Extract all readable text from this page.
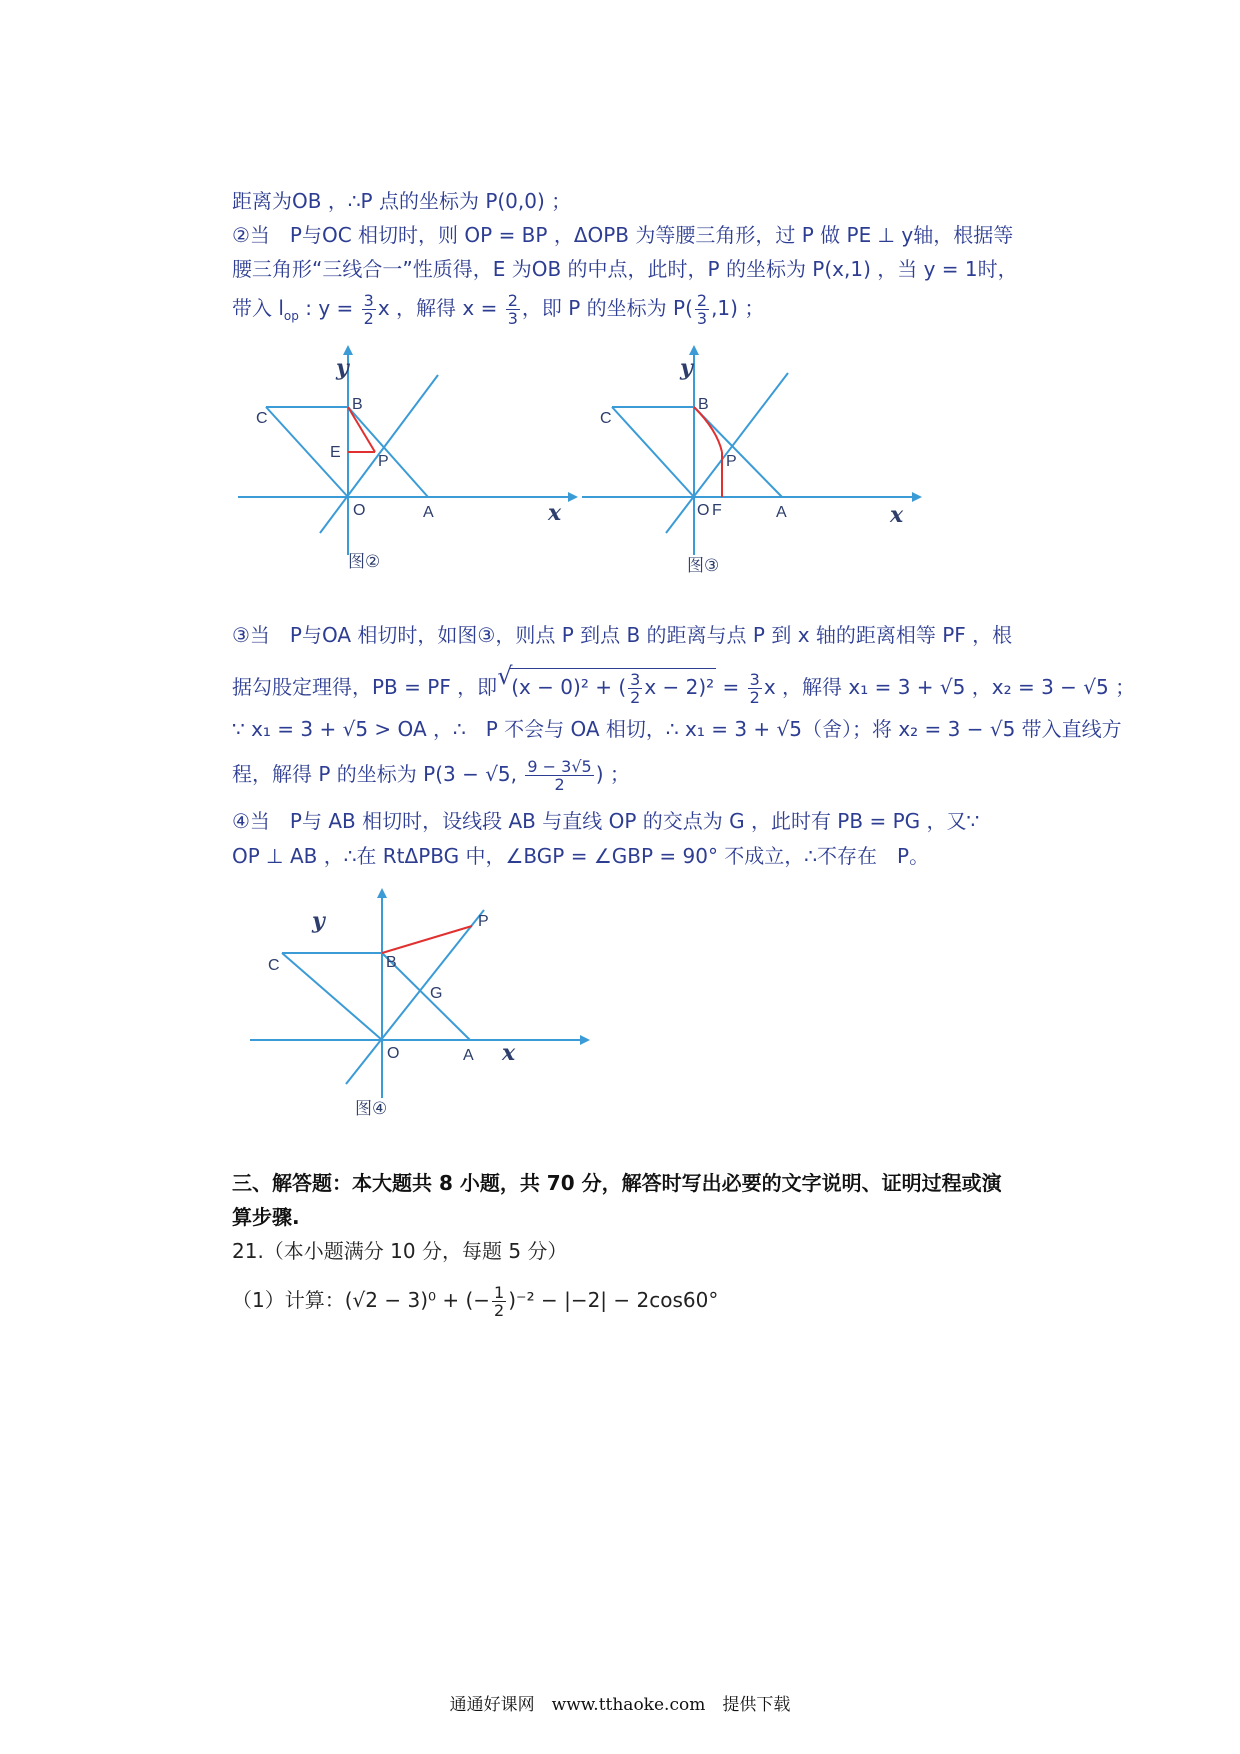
距离为OB ，∴P 点的坐标为 P(0,0) ；
②当　P与OC 相切时，则 OP = BP ，ΔOPB 为等腰三角形，过 P 做 PE ⊥ y轴，根据等
腰三角形“三线合一”性质得，E 为OB 的中点，此时，P 的坐标为 P(x,1) ，当 y = 1时，
带入 $l_{op}$ : $y = \frac{3}{2}$ x ，解得 $x = \frac{2}{3}$ ，即 P 的坐标为 $P( \frac{2}{3} ,1)$ ；
y
x
C
B
E
P
O	A
图②
y
x
C
B
P
O F	A
图③
③当　P与OA 相切时，如图③，则点 P 到点 B 的距离与点 P 到 x 轴的距离相等 PF ，根
据勾股定理得，PB = PF ，即 √
(x − 0)² + ( $\frac{3}{2}$ $x - 2)^2 = \frac{3}{2}$ x ，解得 x₁ = 3 + √5 ，x₂ = 3 − √5 ；
∵ x₁ = 3 + √5 > OA ，∴　P 不会与 OA 相切，∴ x₁ = 3 + √5（舍）；将 x₂ = 3 − √5 带入直线方
程，解得 P 的坐标为 P(3 − √5, $\frac{9 - 3√5}{2}$ ) ；
④当　P与 AB 相切时，设线段 AB 与直线 OP 的交点为 G ，此时有 PB = PG ，又∵
OP ⊥ AB ，∴在 RtΔPBG 中，∠BGP = ∠GBP = 90° 不成立，∴不存在　P。
y
x
C	B
G
P
O	A
图④
三、解答题：本大题共 8 小题，共 70 分，解答时写出必要的文字说明、证明过程或演
算步骤.
21.（本小题满分 10 分，每题 5 分）
（1）计算：(√2 − 3)⁰ + (− $\frac{1}{2} )^{-2} - |-2| - 2\cos 60^\circ$
通通好课网　www.tthaoke.com　提供下载
